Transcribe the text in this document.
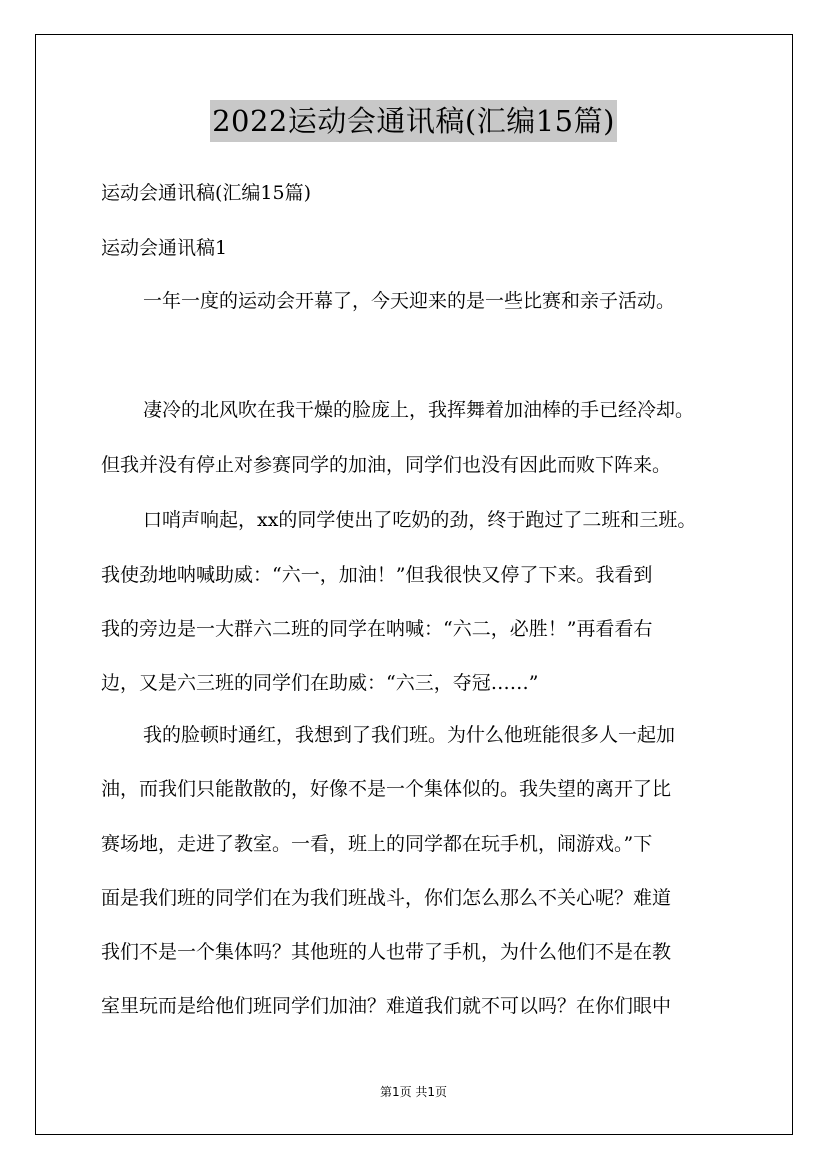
2022运动会通讯稿(汇编15篇)
运动会通讯稿(汇编15篇)
运动会通讯稿1
一年一度的运动会开幕了，今天迎来的是一些比赛和亲子活动。
凄冷的北风吹在我干燥的脸庞上，我挥舞着加油棒的手已经冷却。
但我并没有停止对参赛同学的加油，同学们也没有因此而败下阵来。
口哨声响起，xx的同学使出了吃奶的劲，终于跑过了二班和三班。
我使劲地呐喊助威：“六一，加油！”但我很快又停了下来。我看到
我的旁边是一大群六二班的同学在呐喊：“六二，必胜！”再看看右
边，又是六三班的同学们在助威：“六三，夺冠……”
我的脸顿时通红，我想到了我们班。为什么他班能很多人一起加
油，而我们只能散散的，好像不是一个集体似的。我失望的离开了比
赛场地，走进了教室。一看，班上的同学都在玩手机，闹游戏。”下
面是我们班的同学们在为我们班战斗，你们怎么那么不关心呢？难道
我们不是一个集体吗？其他班的人也带了手机，为什么他们不是在教
室里玩而是给他们班同学们加油？难道我们就不可以吗？在你们眼中
第1页 共1页
